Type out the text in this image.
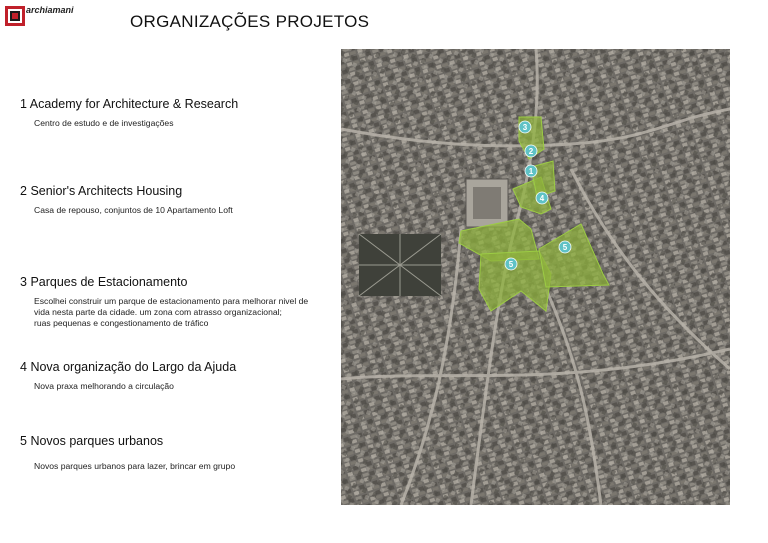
archiamani
ORGANIZAÇÕES PROJETOS
1 Academy for Architecture & Research
Centro de estudo e de investigações
2 Senior's Architects Housing
Casa de repouso, conjuntos de 10 Apartamento Loft
3 Parques de Estacionamento
Escolhei construir um parque de estacionamento para melhorar nivel de
vida nesta parte da cidade. um zona com atrasso organizacional;
ruas pequenas e congestionamento de tráfico
4 Nova organização do Largo da Ajuda
Nova praxa melhorando a circulação
5 Novos parques urbanos
Novos parques urbanos para lazer, brincar em grupo
3
2
1
4
5
5
